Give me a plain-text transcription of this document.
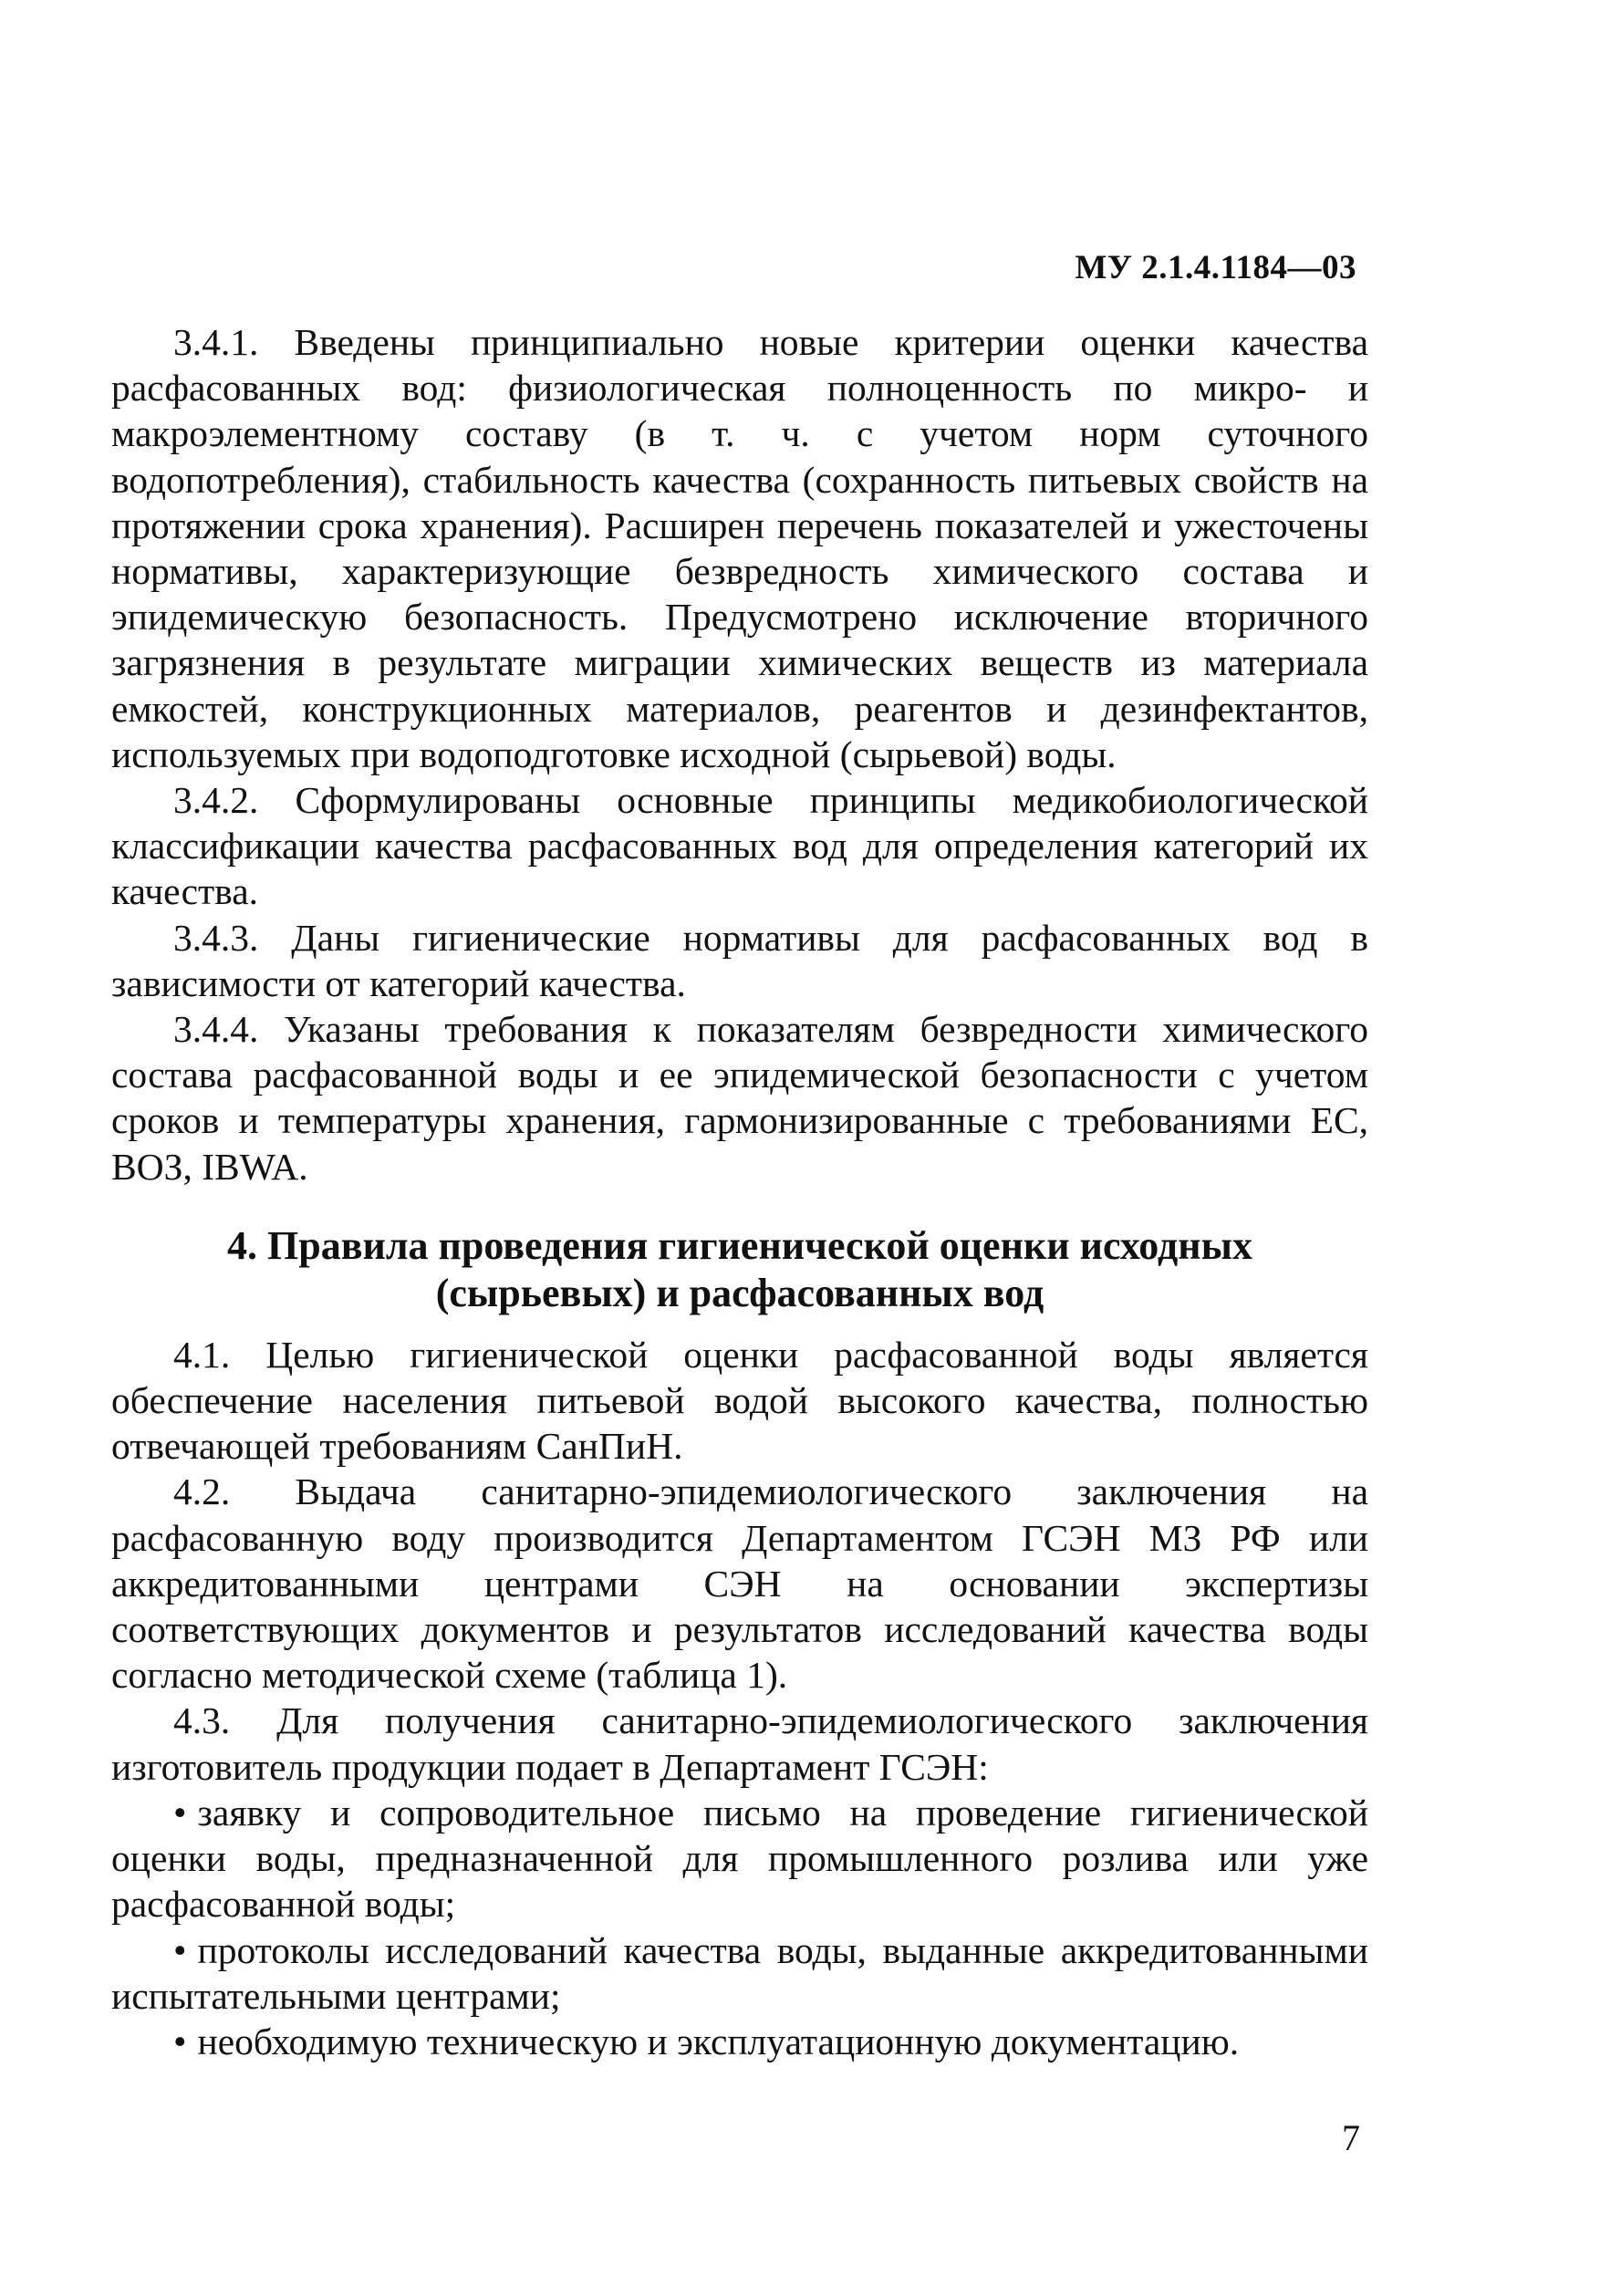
МУ 2.1.4.1184—03

3.4.1. Введены принципиально новые критерии оценки качества расфасованных вод: физиологическая полноценность по микро- и макроэлементному составу (в т. ч. с учетом норм суточного водопотребления), стабильность качества (сохранность питьевых свойств на протяжении срока хранения). Расширен перечень показателей и ужесточены нормативы, характеризующие безвредность химического состава и эпидемическую безопасность. Предусмотрено исключение вторичного загрязнения в результате миграции химических веществ из материала емкостей, конструкционных материалов, реагентов и дезинфектантов, используемых при водоподготовке исходной (сырьевой) воды.

3.4.2. Сформулированы основные принципы медикобиологической классификации качества расфасованных вод для определения категорий их качества.

3.4.3. Даны гигиенические нормативы для расфасованных вод в зависимости от категорий качества.

3.4.4. Указаны требования к показателям безвредности химического состава расфасованной воды и ее эпидемической безопасности с учетом сроков и температуры хранения, гармонизированные с требованиями ЕС, ВОЗ, IBWA.

4. Правила проведения гигиенической оценки исходных (сырьевых) и расфасованных вод

4.1. Целью гигиенической оценки расфасованной воды является обеспечение населения питьевой водой высокого качества, полностью отвечающей требованиям СанПиН.

4.2. Выдача санитарно-эпидемиологического заключения на расфасованную воду производится Департаментом ГСЭН МЗ РФ или аккредитованными центрами СЭН на основании экспертизы соответствующих документов и результатов исследований качества воды согласно методической схеме (таблица 1).

4.3. Для получения санитарно-эпидемиологического заключения изготовитель продукции подает в Департамент ГСЭН:

• заявку и сопроводительное письмо на проведение гигиенической оценки воды, предназначенной для промышленного розлива или уже расфасованной воды;
• протоколы исследований качества воды, выданные аккредитованными испытательными центрами;
• необходимую техническую и эксплуатационную документацию.
7
